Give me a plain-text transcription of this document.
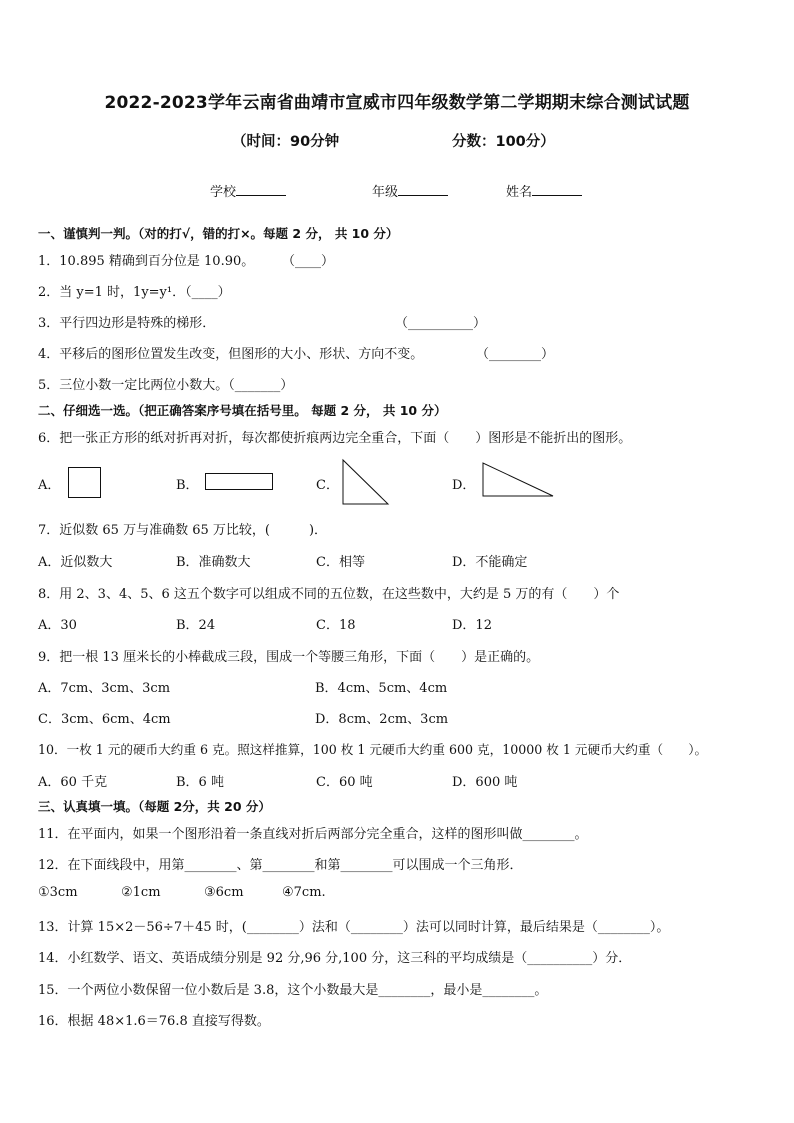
2022-2023学年云南省曲靖市宣威市四年级数学第二学期期末综合测试试题
（时间：90分钟	分数：100分）
学校	年级	姓名
一、谨慎判一判。（对的打√，错的打×。每题 2 分， 共 10 分）
1．10.895 精确到百分位是 10.90。 （____）
2．当 y=1 时，1y=y¹．（____）
3．平行四边形是特殊的梯形．	（__________）
4．平移后的图形位置发生改变，但图形的大小、形状、方向不变。	（________）
5．三位小数一定比两位小数大。（_______）
二、仔细选一选。（把正确答案序号填在括号里。 每题 2 分， 共 10 分）
6．把一张正方形的纸对折再对折，每次都使折痕两边完全重合，下面（　　）图形是不能折出的图形。
A．	B．	C．	D．
7．近似数 65 万与准确数 65 万比较，(　　　)．
A．近似数大	B．准确数大	C．相等	D．不能确定
8．用 2、3、4、5、6 这五个数字可以组成不同的五位数，在这些数中，大约是 5 万的有（　　）个
A．30	B．24	C．18	D．12
9．把一根 13 厘米长的小棒截成三段，围成一个等腰三角形，下面（　　）是正确的。
A．7cm、3cm、3cm	B．4cm、5cm、4cm
C．3cm、6cm、4cm	D．8cm、2cm、3cm
10．一枚 1 元的硬币大约重 6 克。照这样推算，100 枚 1 元硬币大约重 600 克，10000 枚 1 元硬币大约重（　　）。
A．60 千克	B．6 吨	C．60 吨	D．600 吨
三、认真填一填。（每题 2分，共 20 分）
11．在平面内，如果一个图形沿着一条直线对折后两部分完全重合，这样的图形叫做________。
12．在下面线段中，用第________、第________和第________可以围成一个三角形．
①3cm	②1cm	③6cm	④7cm.
13．计算 15×2－56÷7＋45 时，(________）法和（________）法可以同时计算，最后结果是（________）。
14．小红数学、语文、英语成绩分别是 92 分,96 分,100 分，这三科的平均成绩是（__________）分．
15．一个两位小数保留一位小数后是 3.8，这个小数最大是________，最小是________。
16．根据 48×1.6＝76.8 直接写得数。
